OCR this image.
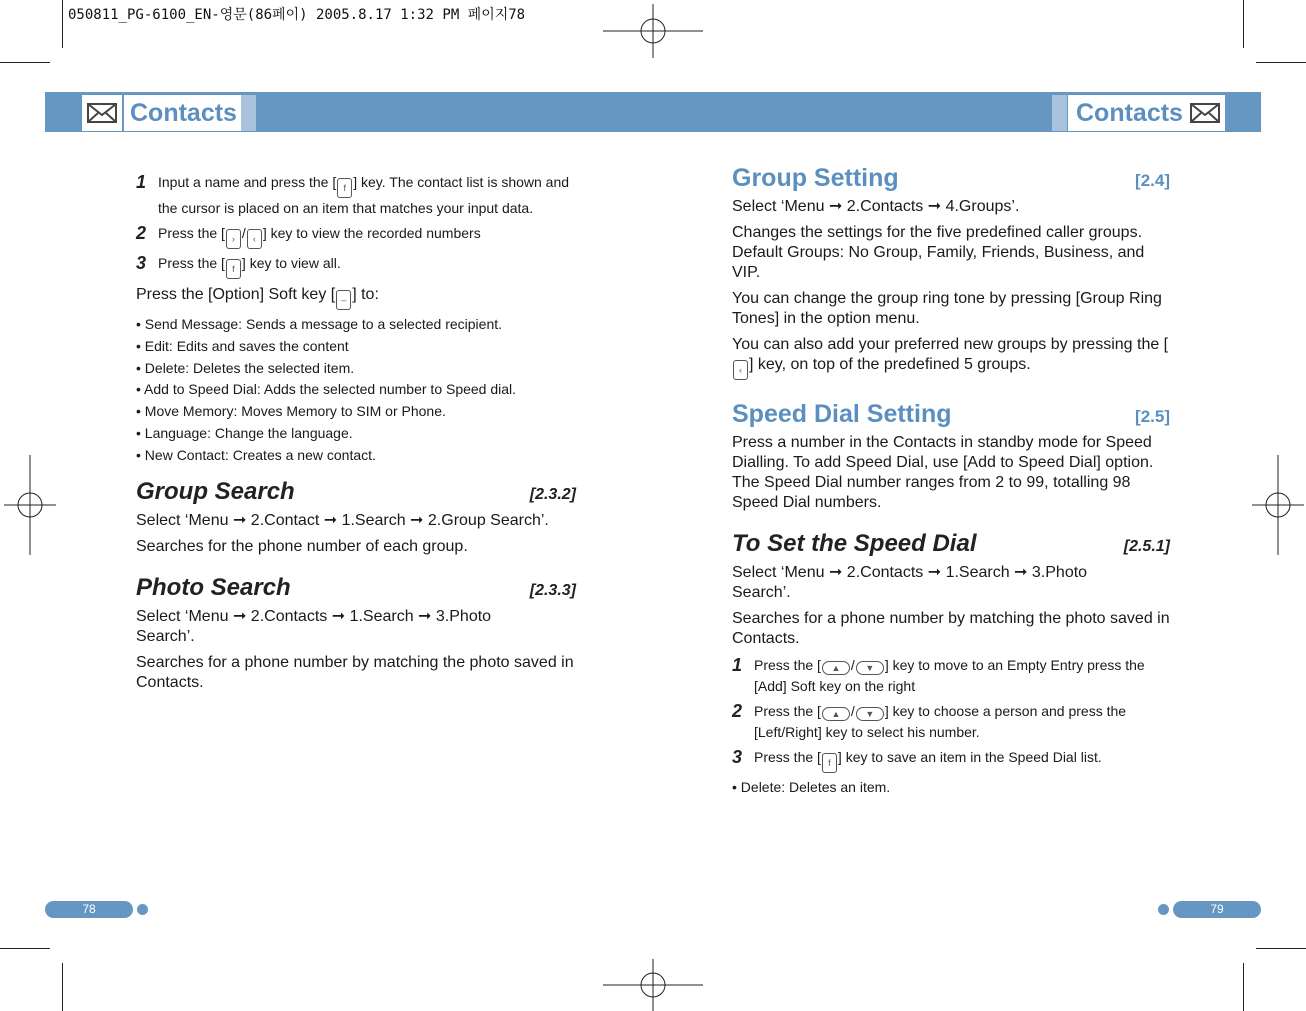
050811_PG-6100_EN-영문(86페이) 2005.8.17 1:32 PM 페이지78
Contacts	Contacts
1 Input a name and press the [ f ] key. The contact list is shown and the cursor is placed on an item that matches your input data.
2 Press the [ › / ‹ ] key to view the recorded numbers
3 Press the [ f ] key to view all.

Press the [Option] Soft key [ – ] to:

• Send Message: Sends a message to a selected recipient.

• Edit: Edits and saves the content

• Delete: Deletes the selected item.

• Add to Speed Dial: Adds the selected number to Speed dial.

• Move Memory: Moves Memory to SIM or Phone.

• Language: Change the language.

• New Contact: Creates a new contact.

Group Search	[2.3.2]

Select ‘Menu ➞ 2.Contact ➞ 1.Search ➞ 2.Group Search’.

Searches for the phone number of each group.

Photo Search	[2.3.3]

Select ‘Menu ➞ 2.Contacts ➞ 1.Search ➞ 3.Photo Search’.

Searches for a phone number by matching the photo saved in Contacts.

Group Setting	[2.4]

Select ‘Menu ➞ 2.Contacts ➞ 4.Groups’.

Changes the settings for the five predefined caller groups. Default Groups: No Group, Family, Friends, Business, and VIP.

You can change the group ring tone by pressing [Group Ring Tones] in the option menu.

You can also add your preferred new groups by pressing the [‹ ] key, on top of the predefined 5 groups.

Speed Dial Setting	[2.5]

Press a number in the Contacts in standby mode for Speed Dialling. To add Speed Dial, use [Add to Speed Dial] option. The Speed Dial number ranges from 2 to 99, totalling 98 Speed Dial numbers.

To Set the Speed Dial	[2.5.1]

Select ‘Menu ➞ 2.Contacts ➞ 1.Search ➞ 3.Photo Search’.

Searches for a phone number by matching the photo saved in Contacts.

1 Press the [ ▲ / ▼ ] key to move to an Empty Entry press the [Add] Soft key on the right
2 Press the [ ▲ / ▼ ] key to choose a person and press the [Left/Right] key to select his number.
3 Press the [ f ] key to save an item in the Speed Dial list.

• Delete: Deletes an item.

78	79
